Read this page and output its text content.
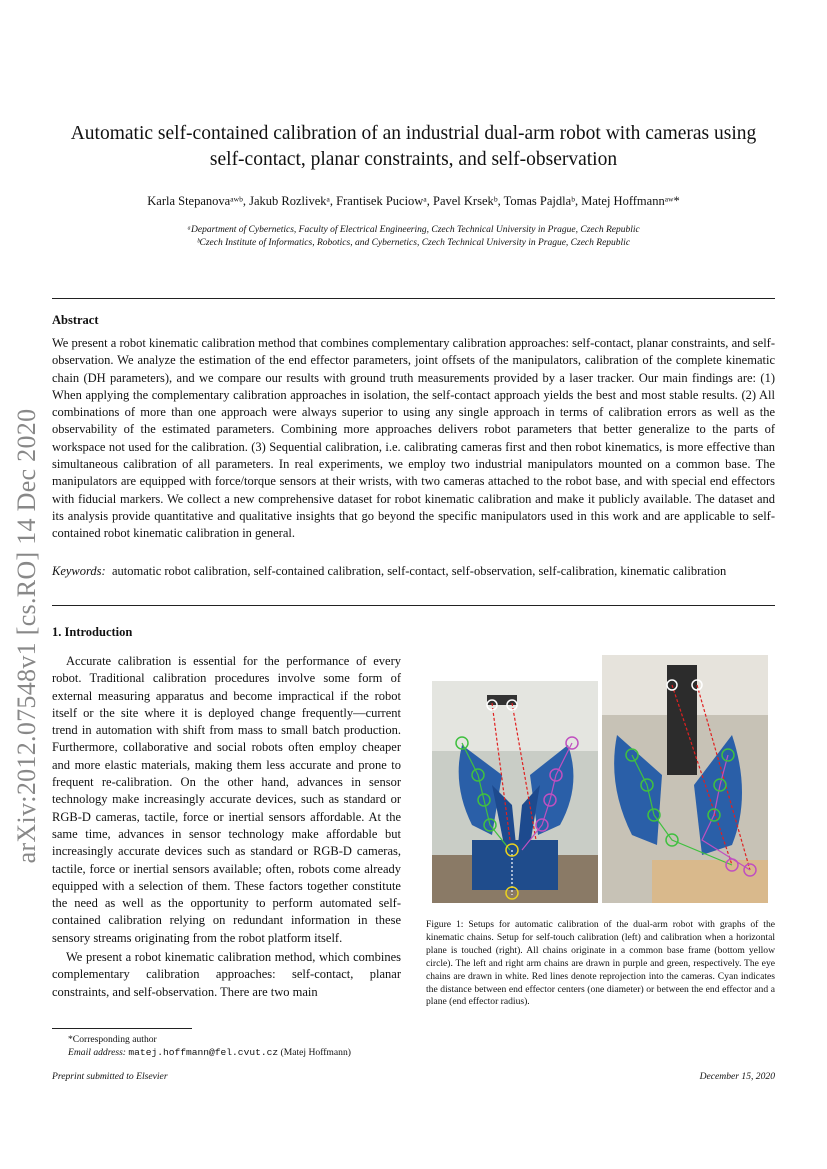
arXiv:2012.07548v1 [cs.RO] 14 Dec 2020
Automatic self-contained calibration of an industrial dual-arm robot with cameras using
self-contact, planar constraints, and self-observation
Karla Stepanovaᵃʷᵇ, Jakub Rozlivekᵃ, Frantisek Puciowᵃ, Pavel Krsekᵇ, Tomas Pajdlaᵇ, Matej Hoffmannᵃʷ*
ᵃDepartment of Cybernetics, Faculty of Electrical Engineering, Czech Technical University in Prague, Czech Republic
ᵇCzech Institute of Informatics, Robotics, and Cybernetics, Czech Technical University in Prague, Czech Republic
Abstract
We present a robot kinematic calibration method that combines complementary calibration approaches: self-contact, planar constraints, and self-observation. We analyze the estimation of the end effector parameters, joint offsets of the manipulators, calibration of the complete kinematic chain (DH parameters), and we compare our results with ground truth measurements provided by a laser tracker. Our main findings are: (1) When applying the complementary calibration approaches in isolation, the self-contact approach yields the best and most stable results. (2) All combinations of more than one approach were always superior to using any single approach in terms of calibration errors as well as the observability of the estimated parameters. Combining more approaches delivers robot parameters that better generalize to the parts of workspace not used for the calibration. (3) Sequential calibration, i.e. calibrating cameras first and then robot kinematics, is more effective than simultaneous calibration of all parameters. In real experiments, we employ two industrial manipulators mounted on a common base. The manipulators are equipped with force/torque sensors at their wrists, with two cameras attached to the robot base, and with special end effectors with fiducial markers. We collect a new comprehensive dataset for robot kinematic calibration and make it publicly available. The dataset and its analysis provide quantitative and qualitative insights that go beyond the specific manipulators used in this work and are applicable to self-contained robot kinematic calibration in general.
Keywords: automatic robot calibration, self-contained calibration, self-contact, self-observation, self-calibration, kinematic calibration
1. Introduction

Accurate calibration is essential for the performance of every robot. Traditional calibration procedures involve some form of external measuring apparatus and become impractical if the robot itself or the site where it is deployed change frequently—current trend in automation with shift from mass to small batch production. Furthermore, collaborative and social robots often employ cheaper and more elastic materials, making them less accurate and prone to frequent re-calibration. On the other hand, advances in sensor technology make increasingly accurate devices, such as standard or RGB-D cameras, tactile, force or inertial sensors affordable. At the same time, advances in sensor technology make affordable but increasingly accurate devices such as standard or RGB-D cameras, tactile, force or inertial sensors available; often, robots come already equipped with a selection of them. These factors together constitute the need as well as the opportunity to perform automated self-contained calibration relying on redundant information in these sensory streams originating from the robot platform itself.

We present a robot kinematic calibration method, which combines complementary calibration approaches: self-contact, planar constraints, and self-observation. There are two main

Figure 1: Setups for automatic calibration of the dual-arm robot with graphs of the kinematic chains. Setup for self-touch calibration (left) and calibration when a horizontal plane is touched (right). All chains originate in a common base frame (bottom yellow circle). The left and right arm chains are drawn in purple and green, respectively. The eye chains are drawn in white. Red lines denote reprojection into the cameras. Cyan indicates the distance between end effector centers (one diameter) or between the end effector and a plane (end effector radius).
*Corresponding author
Email address: matej.hoffmann@fel.cvut.cz (Matej Hoffmann)
Preprint submitted to Elsevier	December 15, 2020
